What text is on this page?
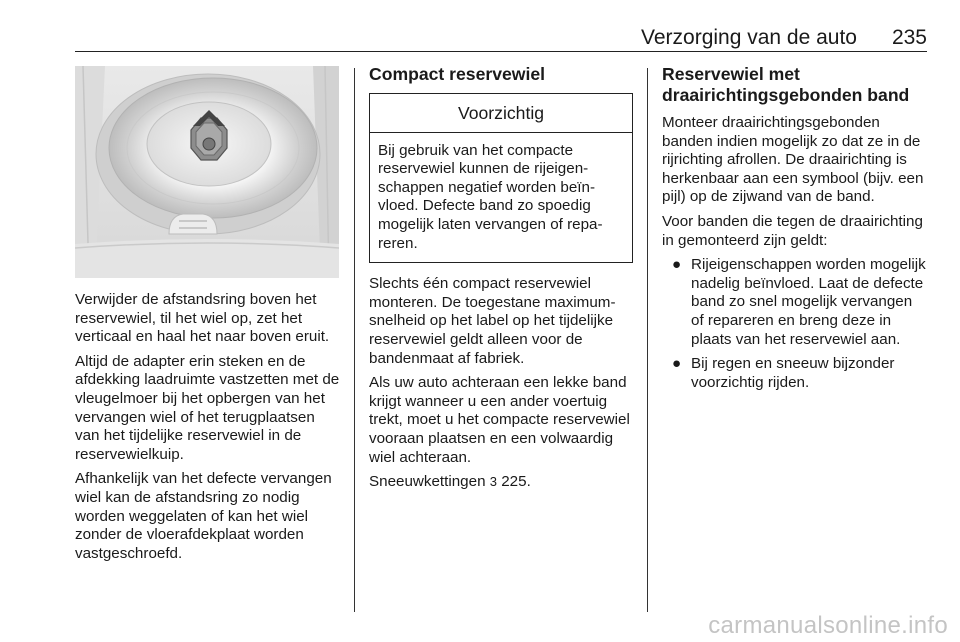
Verzorging van de auto 235

Verwijder de afstandsring boven het reservewiel, til het wiel op, zet het verticaal en haal het naar boven eruit.

Altijd de adapter erin steken en de afdekking laadruimte vastzetten met de vleugelmoer bij het opbergen van het vervangen wiel of het terugplaatsen van het tijdelijke reservewiel in de reservewielkuip.

Afhankelijk van het defecte vervangen wiel kan de afstandsring zo nodig worden weggelaten of kan het wiel zonder de vloerafdekplaat worden vastgeschroefd.

Compact reservewiel
Voorzichtig
Bij gebruik van het compacte reservewiel kunnen de rijeigenschappen negatief worden beïnvloed. Defecte band zo spoedig mogelijk laten vervangen of repareren.

Slechts één compact reservewiel monteren. De toegestane maximumsnelheid op het label op het tijdelijke reservewiel geldt alleen voor de bandenmaat af fabriek.

Als uw auto achteraan een lekke band krijgt wanneer u een ander voertuig trekt, moet u het compacte reservewiel vooraan plaatsen en een volwaardig wiel achteraan.

Sneeuwkettingen 3 225.

Reservewiel met draairichtingsgebonden band

Monteer draairichtingsgebonden banden indien mogelijk zo dat ze in de rijrichting afrollen. De draairichting is herkenbaar aan een symbool (bijv. een pijl) op de zijwand van de band.

Voor banden die tegen de draairichting in gemonteerd zijn geldt:

● Rijeigenschappen worden mogelijk nadelig beïnvloed. Laat de defecte band zo snel mogelijk vervangen of repareren en breng deze in plaats van het reservewiel aan.
● Bij regen en sneeuw bijzonder voorzichtig rijden.
carmanualsonline.info
